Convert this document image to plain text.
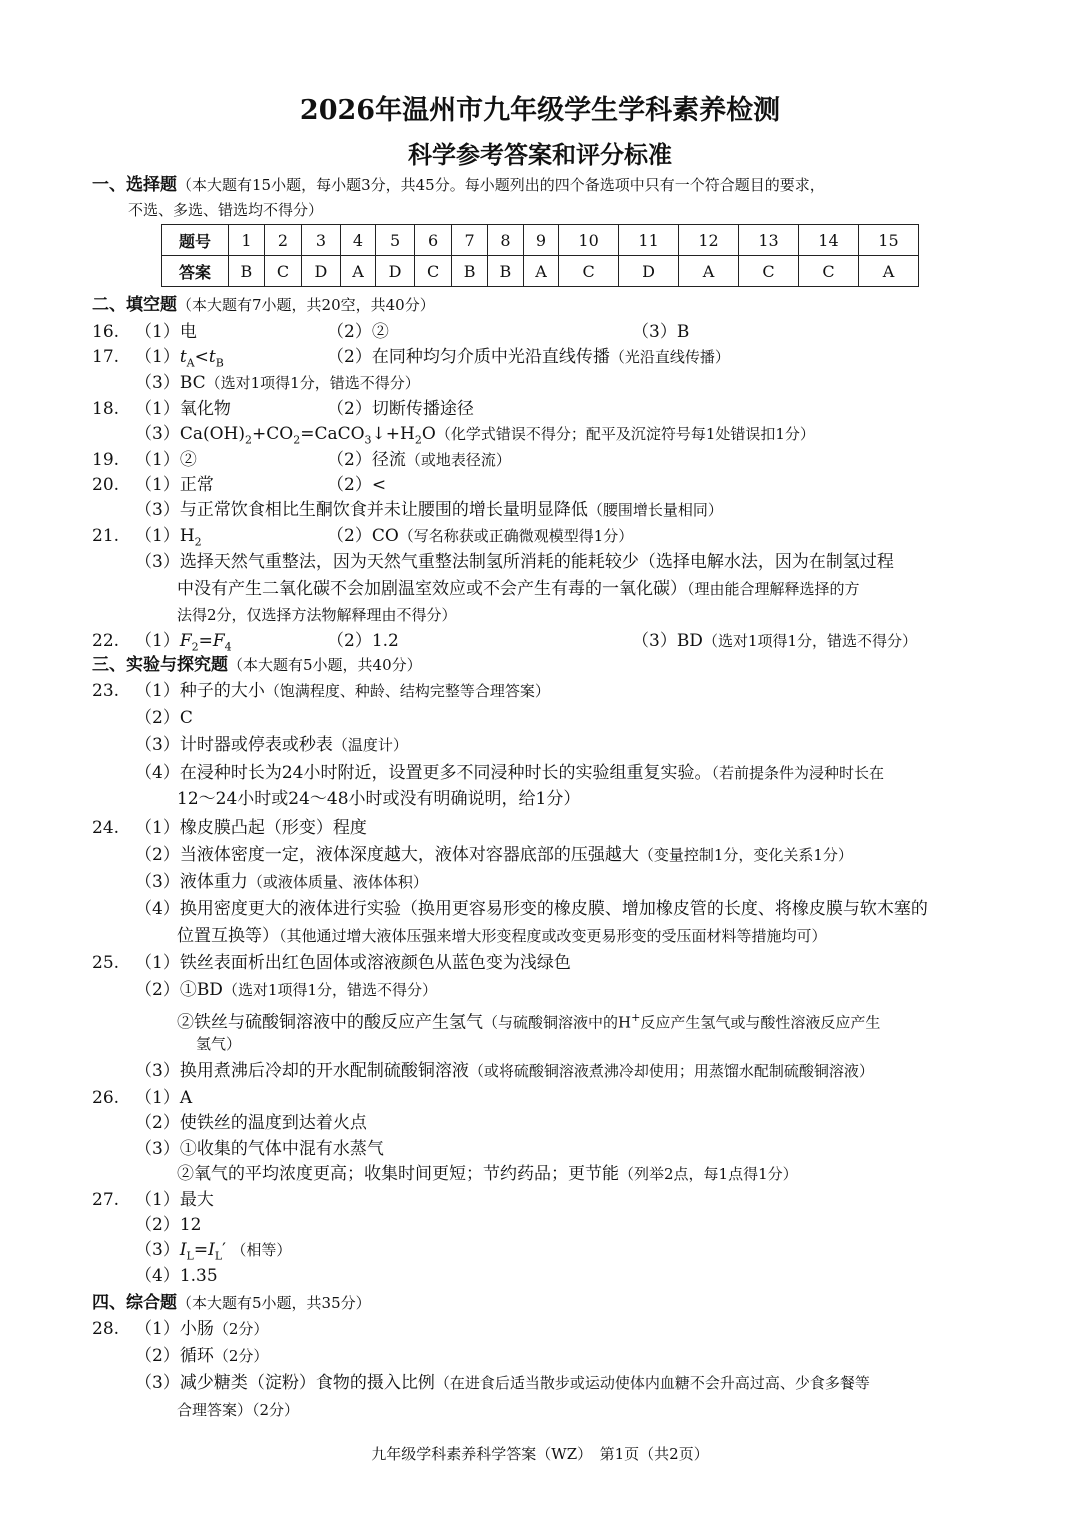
2026年温州市九年级学生学科素养检测
科学参考答案和评分标准
一、选择题（本大题有15小题，每小题3分，共45分。每小题列出的四个备选项中只有一个符合题目的要求，
不选、多选、错选均不得分）
题号	1	2	3	4	5	6	7	8	9	10	11	12	13	14	15
答案	B	C	D	A	D	C	B	B	A	C	D	A	C	C	A
二、填空题（本大题有7小题，共20空，共40分）
16. （1）电	（2）②	（3）B
17. $(1)t_A<t_B$	（2）在同种均匀介质中光沿直线传播（光沿直线传播）
（3）BC（选对1项得1分，错选不得分）
18. （1）氧化物	（2）切断传播途径
$(3)Ca(OH)_2+CO_2=CaCO_3↓+H_2O$（化学式错误不得分；配平及沉淀符号每1处错误扣1分）
19. （1）②	（2）径流（或地表径流）
20. （1）正常	（2）<
（3）与正常饮食相比生酮饮食并未让腰围的增长量明显降低（腰围增长量相同）
21. $(1)H_2$	（2）CO（写名称获或正确微观模型得1分）
（3）选择天然气重整法，因为天然气重整法制氢所消耗的能耗较少（选择电解水法，因为在制氢过程
中没有产生二氧化碳不会加剧温室效应或不会产生有毒的一氧化碳）（理由能合理解释选择的方
法得2分，仅选择方法物解释理由不得分）
22. $(1)F_2=F_4$	（2）1.2	（3）BD（选对1项得1分，错选不得分）
三、实验与探究题（本大题有5小题，共40分）
23. （1）种子的大小（饱满程度、种龄、结构完整等合理答案）
（2）C
（3）计时器或停表或秒表（温度计）
（4）在浸种时长为24小时附近，设置更多不同浸种时长的实验组重复实验。（若前提条件为浸种时长在
12～24小时或24～48小时或没有明确说明，给1分）
24. （1）橡皮膜凸起（形变）程度
（2）当液体密度一定，液体深度越大，液体对容器底部的压强越大（变量控制1分，变化关系1分）
（3）液体重力（或液体质量、液体体积）
（4）换用密度更大的液体进行实验（换用更容易形变的橡皮膜、增加橡皮管的长度、将橡皮膜与软木塞的
位置互换等）（其他通过增大液体压强来增大形变程度或改变更易形变的受压面材料等措施均可）
25. （1）铁丝表面析出红色固体或溶液颜色从蓝色变为浅绿色
（2）①BD（选对1项得1分，错选不得分）
②铁丝与硫酸铜溶液中的酸反应产生氢气（与硫酸铜溶液中的H+反应产生氢气或与酸性溶液反应产生
氢气）
（3）换用煮沸后冷却的开水配制硫酸铜溶液（或将硫酸铜溶液煮沸冷却使用；用蒸馏水配制硫酸铜溶液）
26. （1）A
（2）使铁丝的温度到达着火点
（3）①收集的气体中混有水蒸气
②氧气的平均浓度更高；收集时间更短；节约药品；更节能（列举2点，每1点得1分）
27. （1）最大
（2）12
$(3)I_L=I_L'$ （相等）
（4）1.35
四、综合题（本大题有5小题，共35分）
28. （1）小肠（2分）
（2）循环（2分）
（3）减少糖类（淀粉）食物的摄入比例（在进食后适当散步或运动使体内血糖不会升高过高、少食多餐等
合理答案）（2分）
九年级学科素养科学答案（WZ）　第1页（共2页）
